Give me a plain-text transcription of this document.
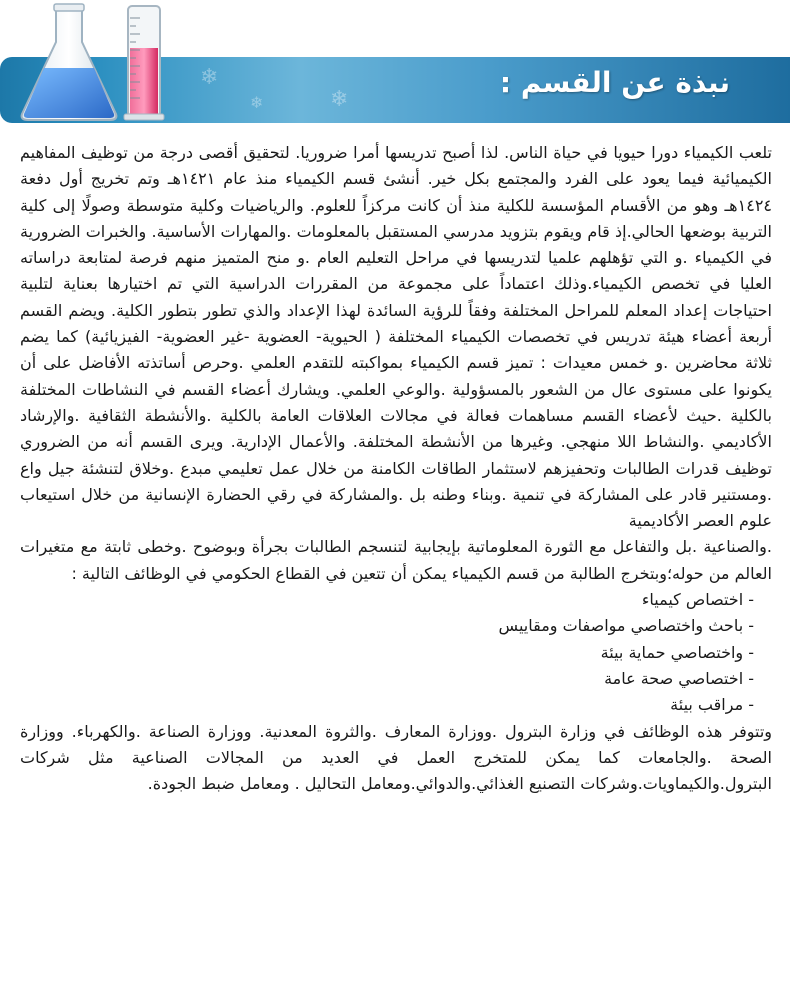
❄
❄
❄
نبذة عن القسم :

تلعب الكيمياء دورا حيويا في حياة الناس. لذا أصبح تدريسها أمرا ضروريا. لتحقيق أقصى درجة من توظيف المفاهيم الكيميائية فيما يعود على الفرد والمجتمع بكل خير. أنشئ قسم الكيمياء منذ عام ١٤٢١هـ وتم تخريج أول دفعة ١٤٢٤هـ وهو من الأقسام المؤسسة للكلية منذ أن كانت مركزاً للعلوم. والرياضيات وكلية متوسطة وصولًا إلى كلية التربية بوضعها الحالي.إذ قام ويقوم بتزويد مدرسي المستقبل بالمعلومات .والمهارات الأساسية. والخبرات الضرورية في الكيمياء .و التي تؤهلهم علميا لتدريسها في مراحل التعليم العام .و منح المتميز منهم فرصة لمتابعة دراساته العليا في تخصص الكيمياء.وذلك اعتماداً على مجموعة من المقررات الدراسية التي تم اختيارها بعناية لتلبية احتياجات إعداد المعلم للمراحل المختلفة وفقاً للرؤية السائدة لهذا الإعداد والذي تطور بتطور الكلية. ويضم القسم أربعة أعضاء هيئة تدريس في تخصصات الكيمياء المختلفة ( الحيوية- العضوية -غير العضوية- الفيزيائية) كما يضم ثلاثة محاضرين .و خمس معيدات : تميز قسم الكيمياء بمواكبته للتقدم العلمي .وحرص أساتذته الأفاضل على أن يكونوا على مستوى عال من الشعور بالمسؤولية .والوعي العلمي. ويشارك أعضاء القسم في النشاطات المختلفة بالكلية .حيث لأعضاء القسم مساهمات فعالة في مجالات العلاقات العامة بالكلية .والأنشطة الثقافية .والإرشاد الأكاديمي .والنشاط اللا منهجي. وغيرها من الأنشطة المختلفة. والأعمال الإدارية. ويرى القسم أنه من الضروري توظيف قدرات الطالبات وتحفيزهم لاستثمار الطاقات الكامنة من خلال عمل تعليمي مبدع .وخلاق لتنشئة جيل واع .ومستنير قادر على المشاركة في تنمية .وبناء وطنه بل .والمشاركة في رقي الحضارة الإنسانية من خلال استيعاب علوم العصر الأكاديمية

.والصناعية .بل والتفاعل مع الثورة المعلوماتية بإيجابية لتنسجم الطالبات بجرأة وبوضوح .وخطى ثابتة مع متغيرات العالم من حوله؛وبتخرج الطالبة من قسم الكيمياء يمكن أن تتعين في القطاع الحكومي في الوظائف التالية :

- اختصاص كيمياء
- باحث واختصاصي مواصفات ومقاييس
- واختصاصي حماية بيئة
- اختصاصي صحة عامة
- مراقب بيئة

وتتوفر هذه الوظائف في وزارة البترول .ووزارة المعارف .والثروة المعدنية. ووزارة الصناعة .والكهرباء. ووزارة الصحة .والجامعات كما يمكن للمتخرج العمل في العديد من المجالات الصناعية مثل شركات البترول.والكيماويات.وشركات التصنيع الغذائي.والدوائي.ومعامل التحاليل . ومعامل ضبط الجودة.
